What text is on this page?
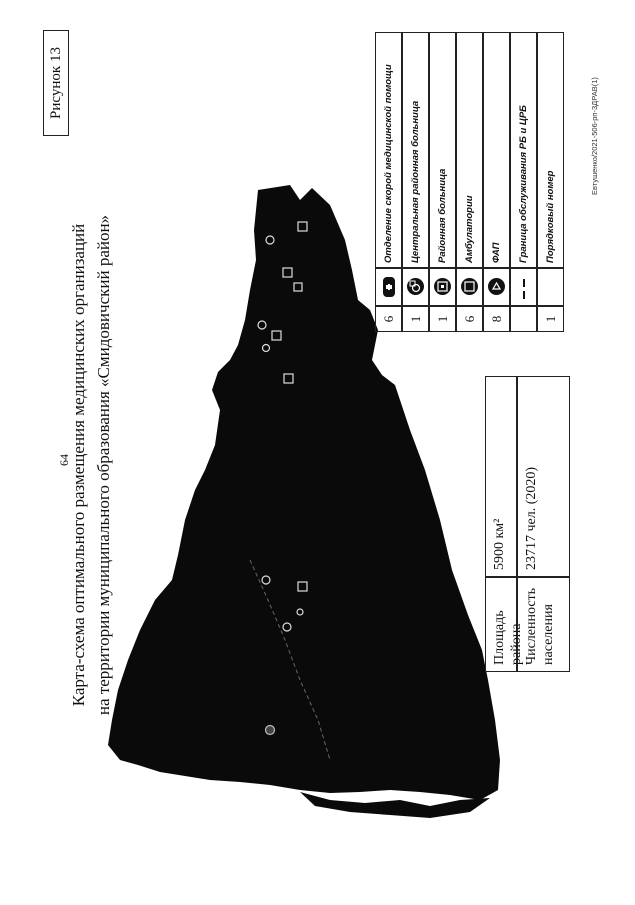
Рисунок 13
64
Карта-схема оптимального размещения медицинских организаций на территории муниципального образования «Смидовичский район»	Площадь района
5900 км²
Численность населения
23717 чел. (2020)
6
Отделение скорой медицинской помощи
1
Центральная районная больница
1
Районная больница
6
Амбулатории
8
ФАП	Граница обслуживания РБ и ЦРБ
1
Порядковый номер
Евтушенко/2021-506-рп-3ДРАВ(1)
